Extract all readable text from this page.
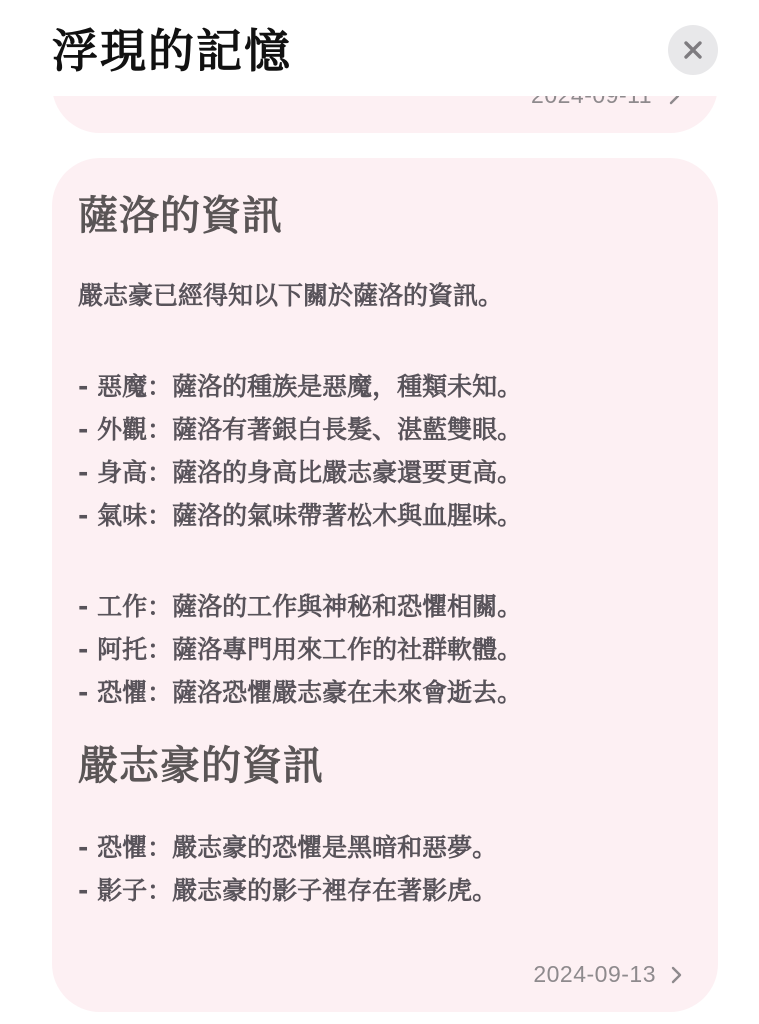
浮現的記憶
薩洛的資訊
嚴志豪已經得知以下關於薩洛的資訊。
- 惡魔：薩洛的種族是惡魔，種類未知。
- 外觀：薩洛有著銀白長髮、湛藍雙眼。
- 身高：薩洛的身高比嚴志豪還要更高。
- 氣味：薩洛的氣味帶著松木與血腥味。
- 工作：薩洛的工作與神秘和恐懼相關。
- 阿托：薩洛專門用來工作的社群軟體。
- 恐懼：薩洛恐懼嚴志豪在未來會逝去。
嚴志豪的資訊
- 恐懼：嚴志豪的恐懼是黑暗和惡夢。
- 影子：嚴志豪的影子裡存在著影虎。
2024-09-13
